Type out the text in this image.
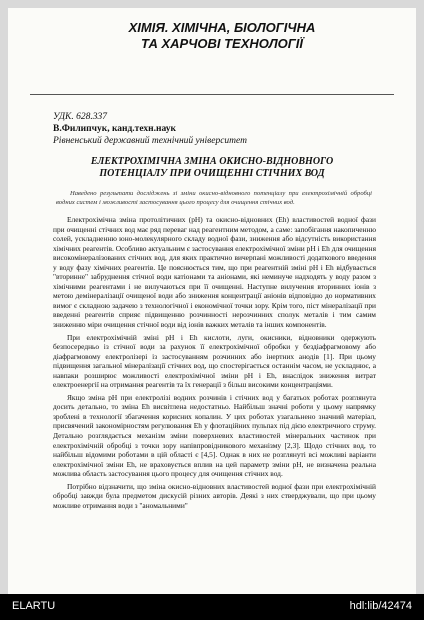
ХІМІЯ. ХІМІЧНА, БІОЛОГІЧНА
ТА ХАРЧОВІ ТЕХНОЛОГІЇ
УДК. 628.337
В.Филипчук, канд.техн.наук
Рівненський державний технічний університет
ЕЛЕКТРОХІМІЧНА ЗМІНА ОКИСНО-ВІДНОВНОГО
ПОТЕНЦІАЛУ ПРИ ОЧИЩЕННІ СТІЧНИХ ВОД
Наведено результати досліджень зі зміни окисно-відновного потенціалу при електрохімічній обробці водних систем і можливості застосування цього процесу для очищення стічних вод.

Електрохімічна зміна протолітичних (pH) та окисно-відновних (Eh) властивостей водної фази при очищенні стічних вод має ряд переваг над реагентним методом, а саме: запобігання накопиченню солей, ускладненню юно-молекулярного складу водної фази, зниження або відсутність використання хімічних реагентів. Особливо актуальним є застосування електрохімічної зміни pH і Eh для очищення високомінералізованих стічних вод, для яких практично вичерпані можливості додаткового введення у воду фазу хімічних реагентів. Це пояснюється тим, що при реагентній зміні pH і Eh відбувається "вторинне" забруднення стічної води катіонами та аніонами, які неминуче надходять у воду разом з хімічними реагентами і не вилучаються при її очищенні. Наступне вилучення вторинних іонів з метою демінералізації очищеної води або зниження концентрації аніонів відповідно до нормативних вимог є складною задачею з технологічної і економічної точки зору. Крім того, піст мінералізації при введенні реагентів сприяє підвищенню розчинності нерозчинних сполук металів і тим самим зниженню міри очищення стічної води від іонів важких металів та інших компонентів.

При електрохімічній зміні pH і Eh кислоти, луги, окисники, відновники одержують безпосередньо із стічної води за рахунок її електрохімічної обробки у бездіафрагмовому або діафрагмовому електролізері із застосуванням розчинних або інертних анодів [1]. При цьому підвищення загальної мінералізації стічних вод, що спостерігається останнім часом, не ускладнює, а навпаки розширює можливості електрохімічної зміни pH і Eh, внаслідок зниження витрат електроенергії на отримання реагентів та їх генерації з більш високими концентраціями.

Якщо зміна pH при електролізі водних розчинів і стічних вод у багатьох роботах розглянута досить детально, то зміна Eh висвітлена недостатньо. Найбільш значні роботи у цьому напрямку зроблені в технології збагачення корисних копалин. У цих роботах узагальнено значний матеріал, присвячений закономірностям регулювання Eh у флотаційних пульпах під дією електричного струму. Детально розглядається механізм зміни поверхневих властивостей мінеральних частинок при електрохімічній обробці з точки зору напівпровідникового механізму [2,3]. Щодо стічних вод, то найбільш відомими роботами в цій області є [4,5]. Однак в них не розглянуті всі можливі варіанти електрохімічної зміни Eh, не враховується вплив на цей параметр зміни pH, не визначена реальна можлива область застосування цього процесу для очищення стічних вод.

Потрібно відзначити, що зміна окисно-відновних властивостей водної фази при електрохімічній обробці завжди була предметом дискусій різних авторів. Деякі з них стверджували, що при цьому можливе отримання води з "аномальними"

ELARTU	hdl:lib/42474
